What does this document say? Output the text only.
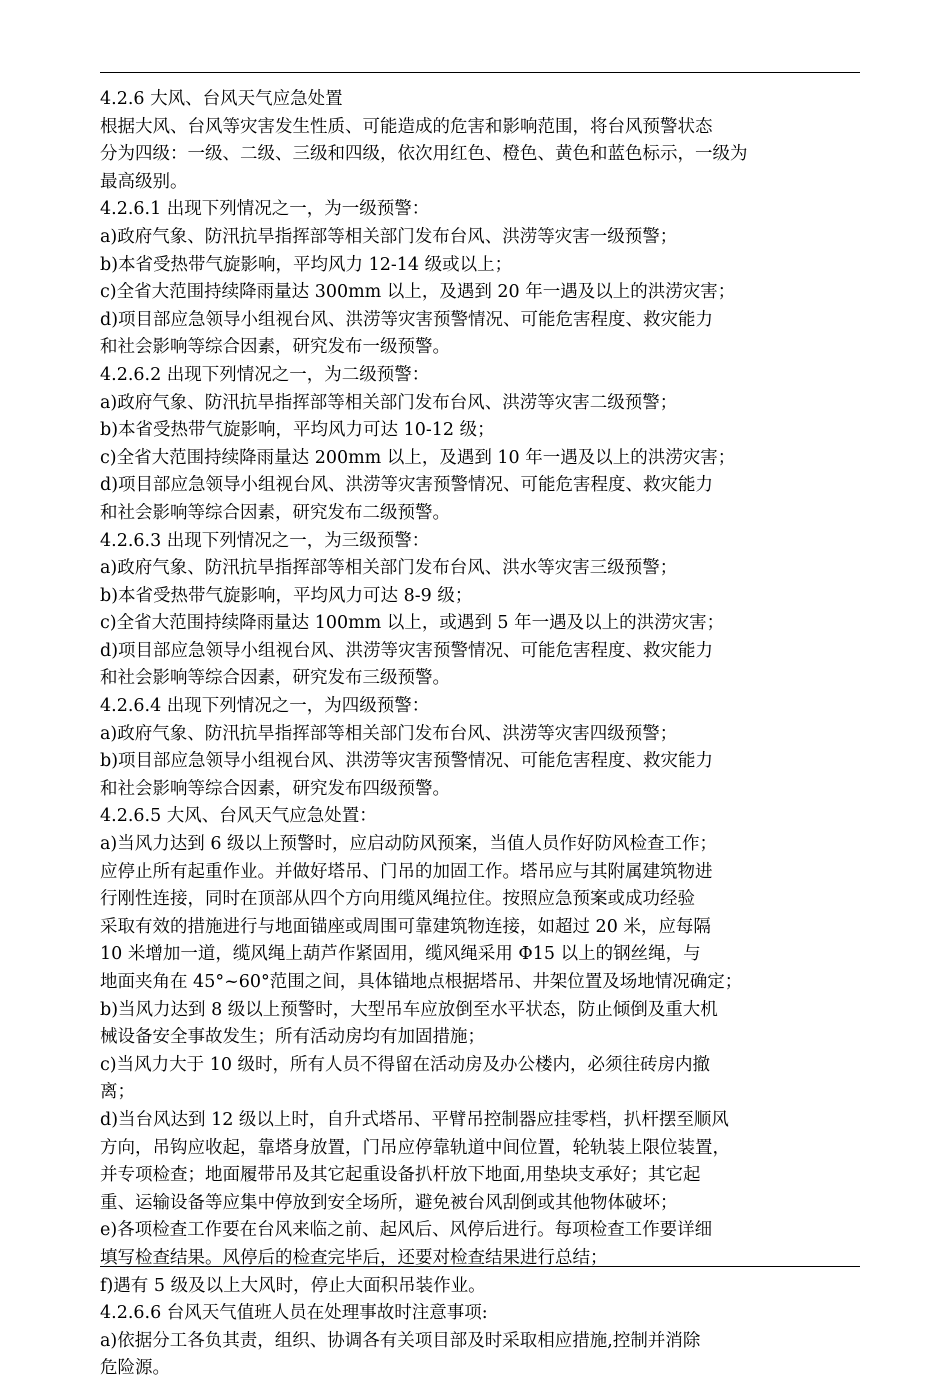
4.2.6 大风、台风天气应急处置
根据大风、台风等灾害发生性质、可能造成的危害和影响范围，将台风预警状态
分为四级：一级、二级、三级和四级，依次用红色、橙色、黄色和蓝色标示，一级为
最高级别。
4.2.6.1 出现下列情况之一，为一级预警：
a)政府气象、防汛抗旱指挥部等相关部门发布台风、洪涝等灾害一级预警；
b)本省受热带气旋影响，平均风力 12-14 级或以上；
c)全省大范围持续降雨量达 300mm 以上，及遇到 20 年一遇及以上的洪涝灾害；
d)项目部应急领导小组视台风、洪涝等灾害预警情况、可能危害程度、救灾能力
和社会影响等综合因素，研究发布一级预警。
4.2.6.2 出现下列情况之一，为二级预警：
a)政府气象、防汛抗旱指挥部等相关部门发布台风、洪涝等灾害二级预警；
b)本省受热带气旋影响，平均风力可达 10-12 级；
c)全省大范围持续降雨量达 200mm 以上，及遇到 10 年一遇及以上的洪涝灾害；
d)项目部应急领导小组视台风、洪涝等灾害预警情况、可能危害程度、救灾能力
和社会影响等综合因素，研究发布二级预警。
4.2.6.3 出现下列情况之一，为三级预警：
a)政府气象、防汛抗旱指挥部等相关部门发布台风、洪水等灾害三级预警；
b)本省受热带气旋影响，平均风力可达 8-9 级；
c)全省大范围持续降雨量达 100mm 以上，或遇到 5 年一遇及以上的洪涝灾害；
d)项目部应急领导小组视台风、洪涝等灾害预警情况、可能危害程度、救灾能力
和社会影响等综合因素，研究发布三级预警。
4.2.6.4 出现下列情况之一，为四级预警：
a)政府气象、防汛抗旱指挥部等相关部门发布台风、洪涝等灾害四级预警；
b)项目部应急领导小组视台风、洪涝等灾害预警情况、可能危害程度、救灾能力
和社会影响等综合因素，研究发布四级预警。
4.2.6.5 大风、台风天气应急处置：
a)当风力达到 6 级以上预警时，应启动防风预案，当值人员作好防风检查工作；
应停止所有起重作业。并做好塔吊、门吊的加固工作。塔吊应与其附属建筑物进
行刚性连接，同时在顶部从四个方向用缆风绳拉住。按照应急预案或成功经验
采取有效的措施进行与地面锚座或周围可靠建筑物连接，如超过 20 米，应每隔
10 米增加一道，缆风绳上葫芦作紧固用，缆风绳采用 Φ15 以上的钢丝绳，与
地面夹角在 45°~60°范围之间，具体锚地点根据塔吊、井架位置及场地情况确定；
b)当风力达到 8 级以上预警时，大型吊车应放倒至水平状态，防止倾倒及重大机
械设备安全事故发生；所有活动房均有加固措施；
c)当风力大于 10 级时，所有人员不得留在活动房及办公楼内，必须往砖房内撤
离；
d)当台风达到 12 级以上时，自升式塔吊、平臂吊控制器应挂零档，扒杆摆至顺风
方向，吊钩应收起，靠塔身放置，门吊应停靠轨道中间位置，轮轨装上限位装置，
并专项检查；地面履带吊及其它起重设备扒杆放下地面,用垫块支承好；其它起
重、运输设备等应集中停放到安全场所，避免被台风刮倒或其他物体破坏；
e)各项检查工作要在台风来临之前、起风后、风停后进行。每项检查工作要详细
填写检查结果。风停后的检查完毕后，还要对检查结果进行总结；
f)遇有 5 级及以上大风时，停止大面积吊装作业。
4.2.6.6 台风天气值班人员在处理事故时注意事项:
a)依据分工各负其责，组织、协调各有关项目部及时采取相应措施,控制并消除
危险源。
